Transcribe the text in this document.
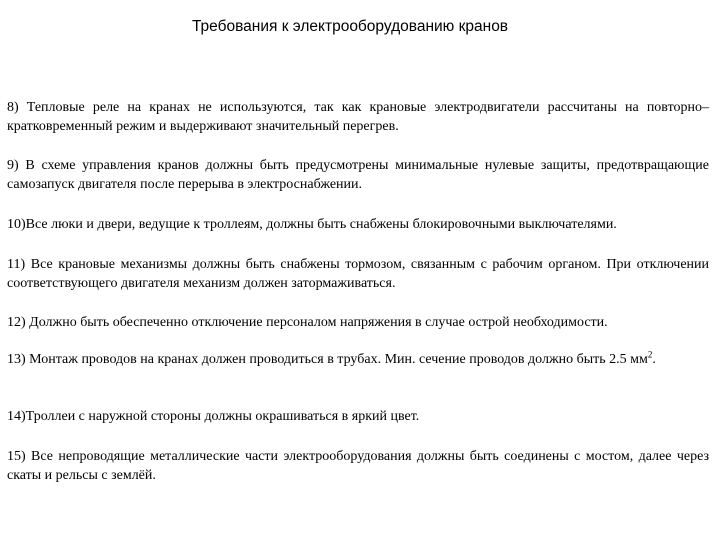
Требования к электрооборудованию кранов
8) Тепловые реле на кранах не используются, так как крановые электродвигатели рассчитаны на повторно–кратковременный режим и выдерживают значительный перегрев.
9) В схеме управления кранов должны быть предусмотрены минимальные нулевые защиты, предотвращающие самозапуск двигателя после перерыва в электроснабжении.
10)Все люки и двери, ведущие к троллеям, должны быть снабжены блокировочными выключателями.
11) Все крановые механизмы должны быть снабжены тормозом, связанным с рабочим органом. При отключении соответствующего двигателя механизм должен затормаживаться.
12) Должно быть обеспеченно отключение персоналом напряжения в случае острой необходимости.
13) Монтаж проводов на кранах должен проводиться в трубах. Мин. сечение проводов должно быть 2.5 $мм^2$.
14)Троллеи с наружной стороны должны окрашиваться в яркий цвет.
15) Все непроводящие металлические части электрооборудования должны быть соединены с мостом, далее через скаты и рельсы с землёй.
